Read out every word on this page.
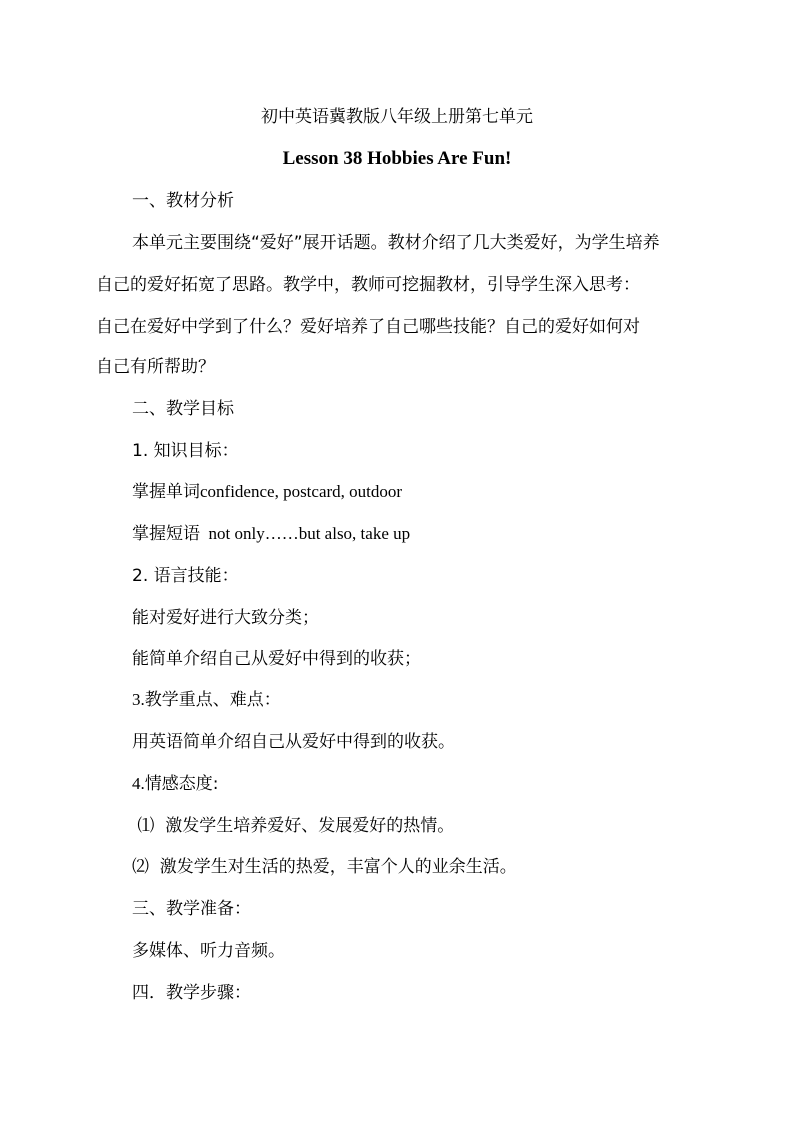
初中英语冀教版八年级上册第七单元
Lesson 38 Hobbies Are Fun!
一、教材分析
本单元主要围绕“爱好”展开话题。教材介绍了几大类爱好，为学生培养
自己的爱好拓宽了思路。教学中，教师可挖掘教材，引导学生深入思考：
自己在爱好中学到了什么？爱好培养了自己哪些技能？自己的爱好如何对
自己有所帮助？
二、教学目标
1. 知识目标：
掌握单词confidence, postcard, outdoor
掌握短语  not only……but also, take up
2. 语言技能：
能对爱好进行大致分类；
能简单介绍自己从爱好中得到的收获；
3.教学重点、难点：
用英语简单介绍自己从爱好中得到的收获。
4.情感态度:
⑴  激发学生培养爱好、发展爱好的热情。
⑵  激发学生对生活的热爱，丰富个人的业余生活。
三、教学准备：
多媒体、听力音频。
四．教学步骤：
